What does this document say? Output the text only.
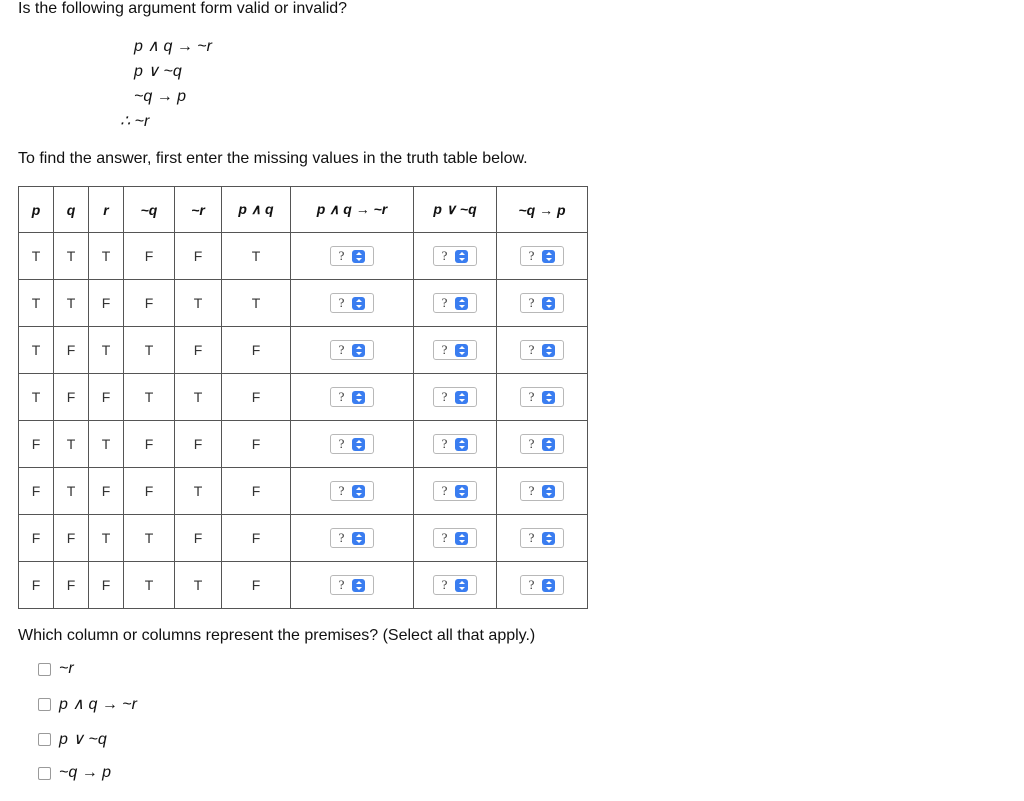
Is the following argument form valid or invalid?
p ∧ q → ~r
p ∨ ~q
~q → p
∴ ~r
To find the answer, first enter the missing values in the truth table below.
p	q	r	~q	~r	p ∧ q	p ∧ q → ~r	p ∨ ~q	~q → p
T	T	T	F	F	T	?	?	?

T	T	F	F	T	T	?	?	?

T	F	T	T	F	F	?	?	?

T	F	F	T	T	F	?	?	?

F	T	T	F	F	F	?	?	?

F	T	F	F	T	F	?	?	?

F	F	T	T	F	F	?	?	?

F	F	F	T	T	F	?	?	?
Which column or columns represent the premises? (Select all that apply.)
~r
p ∧ q → ~r
p ∨ ~q
~q → p
